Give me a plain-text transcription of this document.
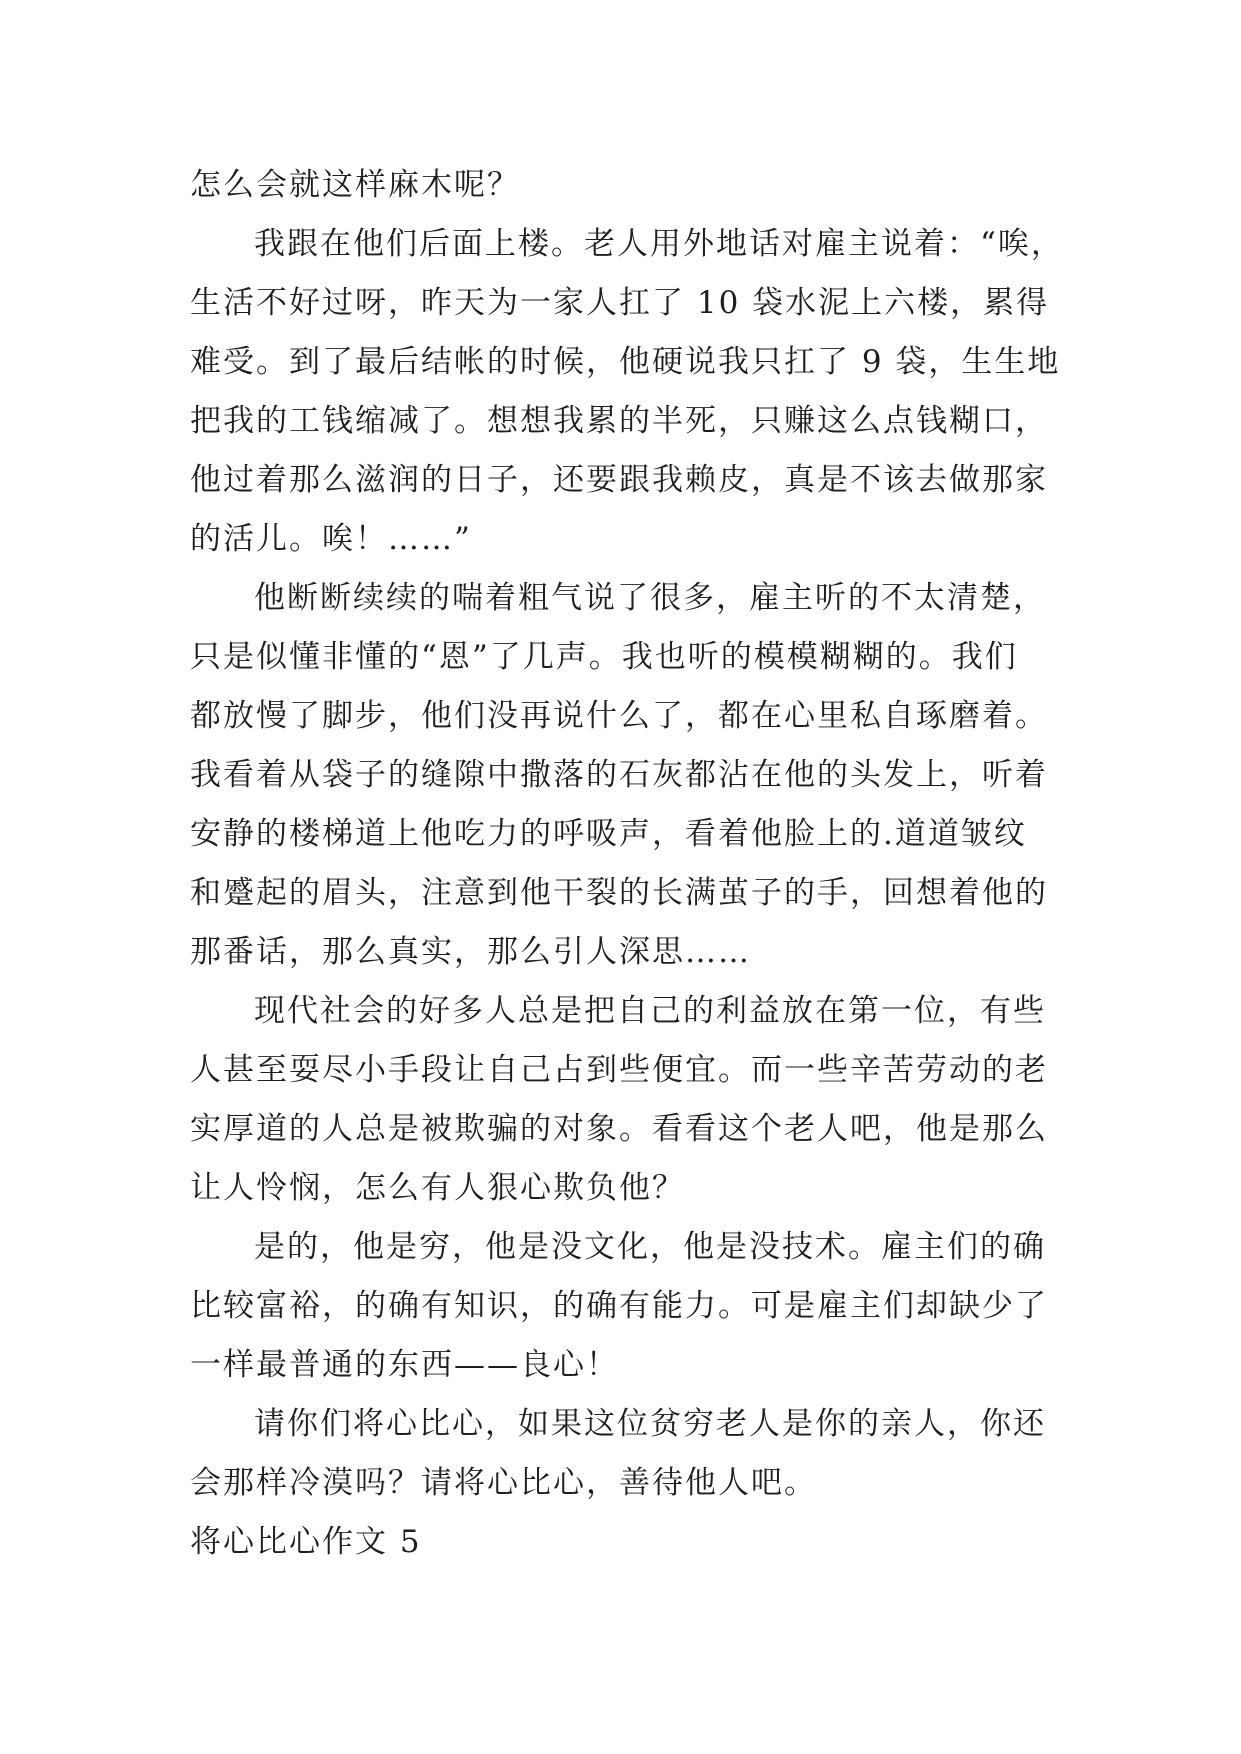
怎么会就这样麻木呢？
我跟在他们后面上楼。老人用外地话对雇主说着：“唉，
生活不好过呀，昨天为一家人扛了 10 袋水泥上六楼，累得
难受。到了最后结帐的时候，他硬说我只扛了 9 袋，生生地
把我的工钱缩减了。想想我累的半死，只赚这么点钱糊口，
他过着那么滋润的日子，还要跟我赖皮，真是不该去做那家
的活儿。唉！……”
他断断续续的喘着粗气说了很多，雇主听的不太清楚，
只是似懂非懂的“恩”了几声。我也听的模模糊糊的。我们
都放慢了脚步，他们没再说什么了，都在心里私自琢磨着。
我看着从袋子的缝隙中撒落的石灰都沾在他的头发上，听着
安静的楼梯道上他吃力的呼吸声，看着他脸上的.道道皱纹
和蹙起的眉头，注意到他干裂的长满茧子的手，回想着他的
那番话，那么真实，那么引人深思……
现代社会的好多人总是把自己的利益放在第一位，有些
人甚至耍尽小手段让自己占到些便宜。而一些辛苦劳动的老
实厚道的人总是被欺骗的对象。看看这个老人吧，他是那么
让人怜悯，怎么有人狠心欺负他？
是的，他是穷，他是没文化，他是没技术。雇主们的确
比较富裕，的确有知识，的确有能力。可是雇主们却缺少了
一样最普通的东西——良心！
请你们将心比心，如果这位贫穷老人是你的亲人，你还
会那样冷漠吗？请将心比心，善待他人吧。
将心比心作文 5
